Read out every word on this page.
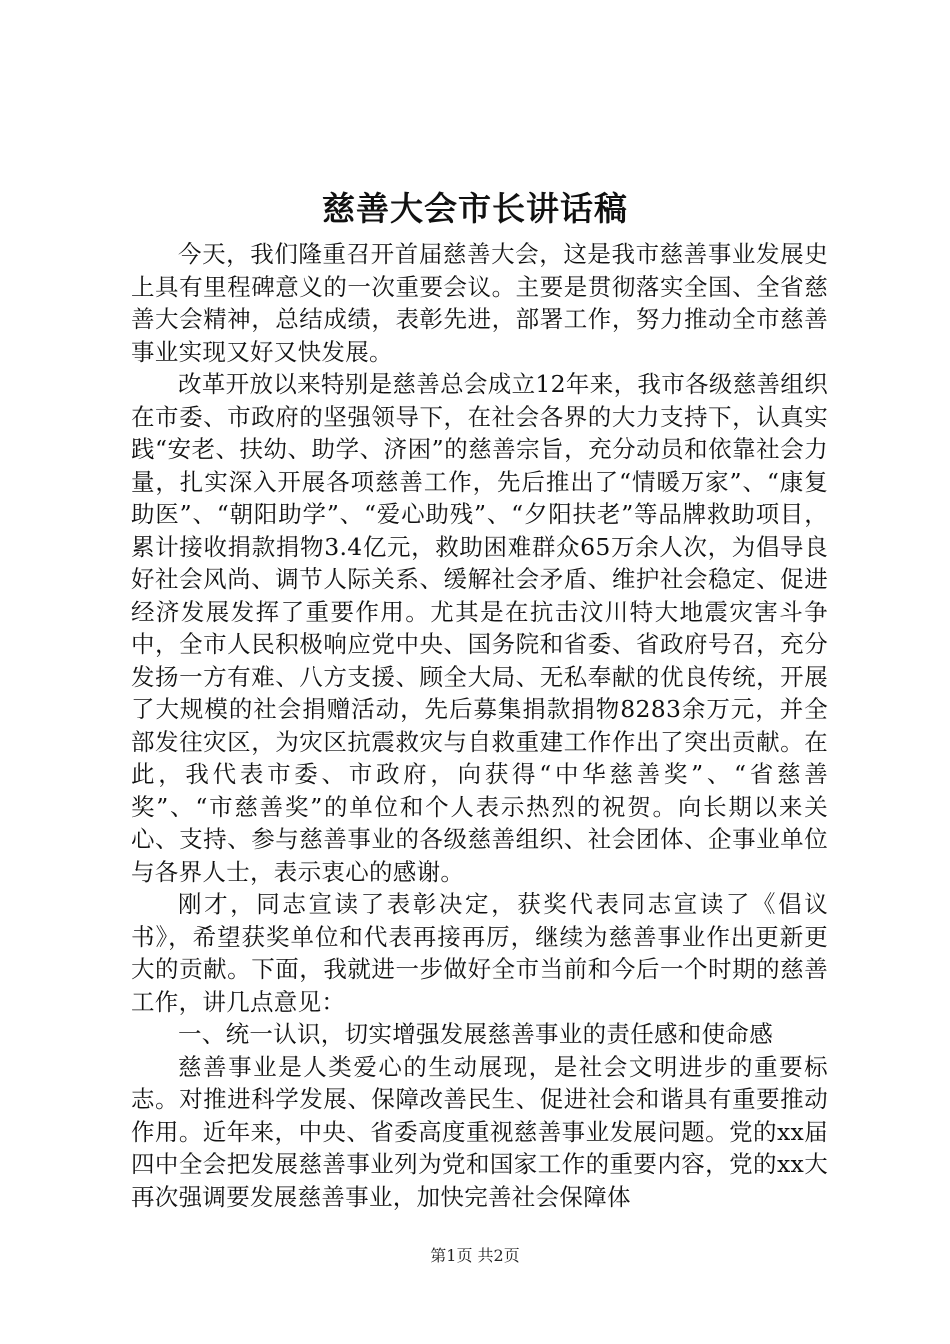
慈善大会市长讲话稿

今天，我们隆重召开首届慈善大会，这是我市慈善事业发展史上具有里程碑意义的一次重要会议。主要是贯彻落实全国、全省慈善大会精神，总结成绩，表彰先进，部署工作，努力推动全市慈善事业实现又好又快发展。

改革开放以来特别是慈善总会成立12年来，我市各级慈善组织在市委、市政府的坚强领导下，在社会各界的大力支持下，认真实践“安老、扶幼、助学、济困”的慈善宗旨，充分动员和依靠社会力量，扎实深入开展各项慈善工作，先后推出了“情暖万家”、“康复助医”、“朝阳助学”、“爱心助残”、“夕阳扶老”等品牌救助项目，累计接收捐款捐物3.4亿元，救助困难群众65万余人次，为倡导良好社会风尚、调节人际关系、缓解社会矛盾、维护社会稳定、促进经济发展发挥了重要作用。尤其是在抗击汶川特大地震灾害斗争中，全市人民积极响应党中央、国务院和省委、省政府号召，充分发扬一方有难、八方支援、顾全大局、无私奉献的优良传统，开展了大规模的社会捐赠活动，先后募集捐款捐物8283余万元，并全部发往灾区，为灾区抗震救灾与自救重建工作作出了突出贡献。在此，我代表市委、市政府，向获得“中华慈善奖”、“省慈善奖”、“市慈善奖”的单位和个人表示热烈的祝贺。向长期以来关心、支持、参与慈善事业的各级慈善组织、社会团体、企事业单位与各界人士，表示衷心的感谢。

刚才，同志宣读了表彰决定，获奖代表同志宣读了《倡议书》，希望获奖单位和代表再接再厉，继续为慈善事业作出更新更大的贡献。下面，我就进一步做好全市当前和今后一个时期的慈善工作，讲几点意见：

一、统一认识，切实增强发展慈善事业的责任感和使命感

慈善事业是人类爱心的生动展现，是社会文明进步的重要标志。对推进科学发展、保障改善民生、促进社会和谐具有重要推动作用。近年来，中央、省委高度重视慈善事业发展问题。党的xx届四中全会把发展慈善事业列为党和国家工作的重要内容，党的xx大再次强调要发展慈善事业，加快完善社会保障体

第1页 共2页
